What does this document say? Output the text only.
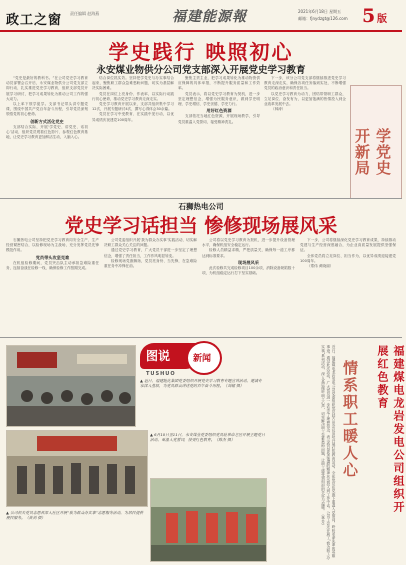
政工之窗 责任编辑 赵海燕	福建能源報	2021年6月18日 星期五
邮箱：fjnydzgt@126.com 5 版
学史践行 映照初心
永安煤业物供分公司党支部深入开展党史学习教育

“党史是最好的教科书。”在公司党史学习教育动员部署会召开后，永安煤业物供分公司党支部立即行动，扎实推进党史学习教育，组织支部党员开展学习研讨，把学习成果转化为推动公司工作的强大动力。

以上率下领学促学。支部书记带头讲专题党课，围绕中国共产党百年奋斗历程，引导党员深刻领悟党的初心使命。

创新方式活化党史

支部结合实际，开展‘学党史、讲党史、话初心’活动，组织党员观看红色影片、参观红色教育基地，让党史学习教育更加鲜活生动，入脑入心。

结合岗位抓实效。坚持把学党史与办实事结合起来，聚焦职工群众急难愁盼问题，切实为基层解决实际困难。

党员在岗位上亮身份、作表率，以实际行动践行初心使命，推动党史学习教育走深走实。

党史学习教育开展以来，支部共组织集中学习12次，开展专题研讨4次，撰写心得体会30余篇。

党员在学习中受教育、在实践中见行动，以优异成绩庆祝建党100周年。

聚焦主责主业，把学习成果转化为推动物资供应保障的具体举措，不断提升服务质量和工作效率。

党员表示，将以党史学习教育为契机，进一步坚定理想信念，增强为民服务意识，做到学史明理、学史增信、学史崇德、学史力行。

用好红色资源

支部依托当地红色资源，开展现场教学，引导党员重温入党誓词，接受精神洗礼。

下一步，该分公司党支部将继续推进党史学习教育走深走实，确保各项任务落到实处，不断增强党员的政治意识和责任担当。

以党史学习教育为动力，团结带领职工群众，立足岗位、奋发有为，以更加饱满的热情投入到企业改革发展中去。

（林涛）

学党史 开新局
石狮热电公司
党史学习话担当 惨修现场展风采

石狮热电公司坚持把党史学习教育同安全生产、生产经营紧密结合，以检修现场为主战场，充分发挥党员先锋模范作用。

党员带头攻坚克难

在机组检修期间，党员突击队主动承担急难险重任务，连续奋战在检修一线，确保检修工作按期完成。

公司党委组织开展‘我为群众办实事’实践活动，切实解决职工群众关心关注的问题。

通过党史学习教育，广大党员干部进一步坚定了理想信念，增强了责任担当，工作作风明显转变。

检修现场党旗飘扬，党员亮身份、当先锋，在急难险重任务中冲锋在前。

公司将以党史学习教育为契机，进一步提升设备管理水平，确保机组安全稳定运行。

检修人员精益求精，严把质量关，确保每一道工序都达到标准要求。

现场展风采

此次检修共完成检修项目100余项，消除设备缺陷数十项，为机组稳定运行打下坚实基础。

下一步，公司将继续深化党史学习教育成果，持续推动党建与生产经营深度融合，为企业高质量发展提供坚强保证。

全体党员将立足岗位、担当作为，以优异成绩迎接建党100周年。

（郑伟 黄晓丽）

图说	新闻
TUSHUO
▲ 近日，福建能化集团党委组织开展党史学习教育专题宣讲活动，邀请专家深入基层，为党员群众讲述党的百年奋斗历程。（刘超 摄）
▲ 6月10日至11日，永安煤业党委组织党员赴革命老区开展主题党日活动，重温入党誓词，接受红色教育。（陈杰 摄）
▲ 公司机关党员志愿者深入社区开展“我为群众办实事”志愿服务活动，为居民提供便民服务。（黄剑 摄）
福建煤电龙岩发电公司组织开展红色教育
情系职工暖人心
近日，福建煤电龙岩发电公司党委组织党员赴古田会议旧址开展红色教育活动，全体党员在党旗下重温入党誓词，聆听革命先辈的英雄事迹。通过此次活动，广大党员进一步坚定了理想信念，表示将以更加饱满的精神状态投入到工作中去。公司工会还开展了“我为职工办实事”系列活动，深入基层倾听职工心声，切实解决职工急难愁盼问题，让职工感受到组织的关怀与温暖。（林芳）
